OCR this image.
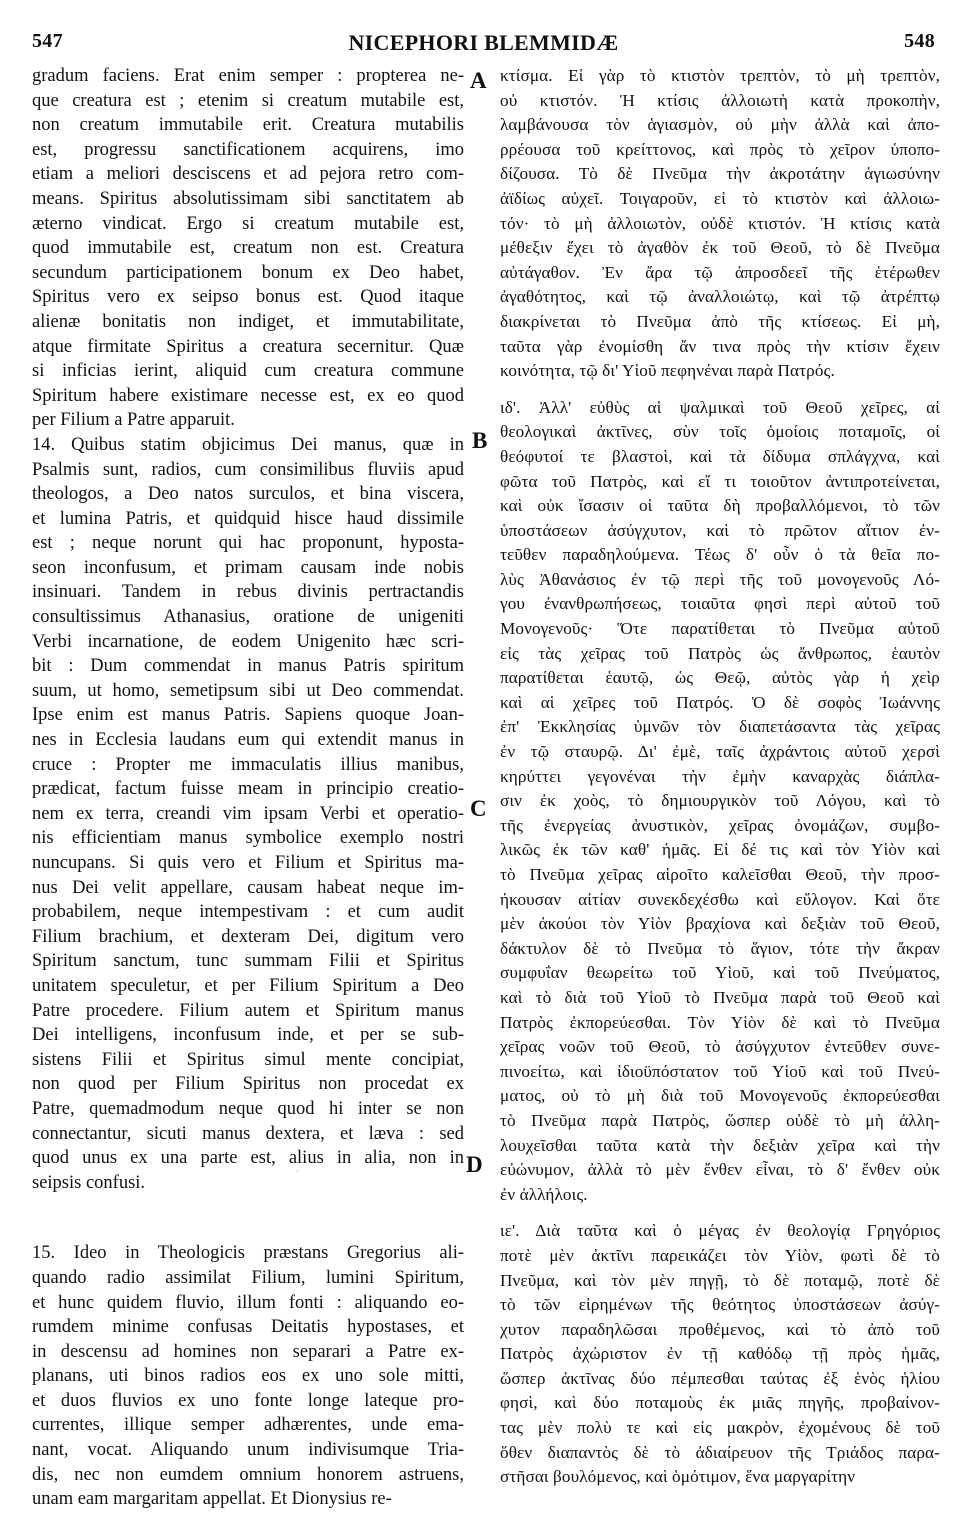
547	NICEPHORI BLEMMIDÆ	548
gradum faciens. Erat enim semper : propterea ne-
que creatura est ; etenim si creatum mutabile est,
non creatum immutabile erit. Creatura mutabilis
est, progressu sanctificationem acquirens, imo
etiam a meliori desciscens et ad pejora retro com-
means. Spiritus absolutissimam sibi sanctitatem ab
æterno vindicat. Ergo si creatum mutabile est,
quod immutabile est, creatum non est. Creatura
secundum participationem bonum ex Deo habet,
Spiritus vero ex seipso bonus est. Quod itaque
alienæ bonitatis non indiget, et immutabilitate,
atque firmitate Spiritus a creatura secernitur. Quæ
si inficias ierint, aliquid cum creatura commune
Spiritum habere existimare necesse est, ex eo quod
per Filium a Patre apparuit.
14. Quibus statim objicimus Dei manus, quæ in
Psalmis sunt, radios, cum consimilibus fluviis apud
theologos, a Deo natos surculos, et bina viscera,
et lumina Patris, et quidquid hisce haud dissimile
est ; neque norunt qui hac proponunt, hyposta-
seon inconfusum, et primam causam inde nobis
insinuari. Tandem in rebus divinis pertractandis
consultissimus Athanasius, oratione de unigeniti
Verbi incarnatione, de eodem Unigenito hæc scri-
bit : Dum commendat in manus Patris spiritum
suum, ut homo, semetipsum sibi ut Deo commendat.
Ipse enim est manus Patris. Sapiens quoque Joan-
nes in Ecclesia laudans eum qui extendit manus in
cruce : Propter me immaculatis illius manibus,
prædicat, factum fuisse meam in principio creatio-
nem ex terra, creandi vim ipsam Verbi et operatio-
nis efficientiam manus symbolice exemplo nostri
nuncupans. Si quis vero et Filium et Spiritus ma-
nus Dei velit appellare, causam habeat neque im-
probabilem, neque intempestivam : et cum audit
Filium brachium, et dexteram Dei, digitum vero
Spiritum sanctum, tunc summam Filii et Spiritus
unitatem speculetur, et per Filium Spiritum a Deo
Patre procedere. Filium autem et Spiritum manus
Dei intelligens, inconfusum inde, et per se sub-
sistens Filii et Spiritus simul mente concipiat,
non quod per Filium Spiritus non procedat ex
Patre, quemadmodum neque quod hi inter se non
connectantur, sicuti manus dextera, et læva : sed
quod unus ex una parte est, alius in alia, non in
seipsis confusi.
15. Ideo in Theologicis præstans Gregorius ali-
quando radio assimilat Filium, lumini Spiritum,
et hunc quidem fluvio, illum fonti : aliquando eo-
rumdem minime confusas Deitatis hypostases, et
in descensu ad homines non separari a Patre ex-
planans, uti binos radios eos ex uno sole mitti,
et duos fluvios ex uno fonte longe lateque pro-
currentes, illique semper adhærentes, unde ema-
nant, vocat. Aliquando unum indivisumque Tria-
dis, nec non eumdem omnium honorem astruens,
unam eam margaritam appellat. Et Dionysius re-
κτίσμα. Εἰ γὰρ τὸ κτιστὸν τρεπτὸν, τὸ μὴ τρεπτὸν,
οὐ κτιστόν. Ἡ κτίσις ἀλλοιωτὴ κατὰ προκοπὴν,
λαμβάνουσα τὸν ἁγιασμὸν, οὐ μὴν ἀλλὰ καὶ ἀπο-
ρρέουσα τοῦ κρείττονος, καὶ πρὸς τὸ χεῖρον ὑποπο-
δίζουσα. Τὸ δὲ Πνεῦμα τὴν ἀκροτάτην ἁγιωσύνην
ἀϊδίως αὐχεῖ. Τοιγαροῦν, εἰ τὸ κτιστὸν καὶ ἀλλοιω-
τόν· τὸ μὴ ἀλλοιωτὸν, οὐδὲ κτιστόν. Ἡ κτίσις κατὰ
μέθεξιν ἔχει τὸ ἀγαθὸν ἐκ τοῦ Θεοῦ, τὸ δὲ Πνεῦμα
αὐτάγαθον. Ἐν ἄρα τῷ ἀπροσδεεῖ τῆς ἑτέρωθεν
ἀγαθότητος, καὶ τῷ ἀναλλοιώτῳ, καὶ τῷ ἀτρέπτῳ
διακρίνεται τὸ Πνεῦμα ἀπὸ τῆς κτίσεως. Εἰ μὴ,
ταῦτα γὰρ ἐνομίσθη ἄν τινα πρὸς τὴν κτίσιν ἔχειν
κοινότητα, τῷ δι' Υἱοῦ πεφηνέναι παρὰ Πατρός.
ιδ'. Ἀλλ' εὐθὺς αἱ ψαλμικαὶ τοῦ Θεοῦ χεῖρες, αἱ
θεολογικαὶ ἀκτῖνες, σὺν τοῖς ὁμοίοις ποταμοῖς, οἱ
θεόφυτοί τε βλαστοὶ, καὶ τὰ δίδυμα σπλάγχνα, καὶ
φῶτα τοῦ Πατρὸς, καὶ εἴ τι τοιοῦτον ἀντιπροτείνεται,
καὶ οὐκ ἴσασιν οἱ ταῦτα δὴ προβαλλόμενοι, τὸ τῶν
ὑποστάσεων ἀσύγχυτον, καὶ τὸ πρῶτον αἴτιον ἐν-
τεῦθεν παραδηλούμενα. Τέως δ' οὖν ὁ τὰ θεῖα πο-
λὺς Ἀθανάσιος ἐν τῷ περὶ τῆς τοῦ μονογενοῦς Λό-
γου ἐνανθρωπήσεως, τοιαῦτα φησὶ περὶ αὐτοῦ τοῦ
Μονογενοῦς· Ὅτε παρατίθεται τὸ Πνεῦμα αὐτοῦ
εἰς τὰς χεῖρας τοῦ Πατρὸς ὡς ἄνθρωπος, ἑαυτὸν
παρατίθεται ἑαυτῷ, ὡς Θεῷ, αὐτὸς γὰρ ἡ χεὶρ
καὶ αἱ χεῖρες τοῦ Πατρός. Ὁ δὲ σοφὸς Ἰωάννης
ἐπ' Ἐκκλησίας ὑμνῶν τὸν διαπετάσαντα τὰς χεῖρας
ἐν τῷ σταυρῷ. Δι' ἐμὲ, ταῖς ἀχράντοις αὐτοῦ χερσὶ
κηρύττει γεγονέναι τὴν ἐμὴν καναρχὰς διάπλα-
σιν ἐκ χοὸς, τὸ δημιουργικὸν τοῦ Λόγου, καὶ τὸ
τῆς ἐνεργείας ἀνυστικὸν, χεῖρας ὀνομάζων, συμβο-
λικῶς ἐκ τῶν καθ' ἡμᾶς. Εἰ δέ τις καὶ τὸν Υἱὸν καὶ
τὸ Πνεῦμα χεῖρας αἱροῖτο καλεῖσθαι Θεοῦ, τὴν προσ-
ήκουσαν αἰτίαν συνεκδεχέσθω καὶ εὔλογον. Καὶ ὅτε
μὲν ἀκούοι τὸν Υἱὸν βραχίονα καὶ δεξιὰν τοῦ Θεοῦ,
δάκτυλον δὲ τὸ Πνεῦμα τὸ ἅγιον, τότε τὴν ἄκραν
συμφυΐαν θεωρείτω τοῦ Υἱοῦ, καὶ τοῦ Πνεύματος,
καὶ τὸ διὰ τοῦ Υἱοῦ τὸ Πνεῦμα παρὰ τοῦ Θεοῦ καὶ
Πατρὸς ἐκπορεύεσθαι. Τὸν Υἱὸν δὲ καὶ τὸ Πνεῦμα
χεῖρας νοῶν τοῦ Θεοῦ, τὸ ἀσύγχυτον ἐντεῦθεν συνε-
πινοείτω, καὶ ἰδιοϋπόστατον τοῦ Υἱοῦ καὶ τοῦ Πνεύ-
ματος, οὐ τὸ μὴ διὰ τοῦ Μονογενοῦς ἐκπορεύεσθαι
τὸ Πνεῦμα παρὰ Πατρὸς, ὥσπερ οὐδὲ τὸ μὴ ἀλλη-
λουχεῖσθαι ταῦτα κατὰ τὴν δεξιὰν χεῖρα καὶ τὴν
εὐώνυμον, ἀλλὰ τὸ μὲν ἔνθεν εἶναι, τὸ δ' ἔνθεν οὐκ
ἐν ἀλλήλοις.
ιε'. Διὰ ταῦτα καὶ ὁ μέγας ἐν θεολογίᾳ Γρηγόριος
ποτὲ μὲν ἀκτῖνι παρεικάζει τὸν Υἱὸν, φωτὶ δὲ τὸ
Πνεῦμα, καὶ τὸν μὲν πηγῇ, τὸ δὲ ποταμῷ, ποτὲ δὲ
τὸ τῶν εἰρημένων τῆς θεότητος ὑποστάσεων ἀσύγ-
χυτον παραδηλῶσαι προθέμενος, καὶ τὸ ἀπὸ τοῦ
Πατρὸς ἀχώριστον ἐν τῇ καθόδῳ τῇ πρὸς ἡμᾶς,
ὥσπερ ἀκτῖνας δύο πέμπεσθαι ταύτας ἐξ ἑνὸς ἡλίου
φησὶ, καὶ δύο ποταμοὺς ἐκ μιᾶς πηγῆς, προβαίνον-
τας μὲν πολὺ τε καὶ εἰς μακρὸν, ἐχομένους δὲ τοῦ
ὅθεν διαπαντὸς δὲ τὸ ἀδιαίρευον τῆς Τριάδος παρα-
στῆσαι βουλόμενος, καὶ ὁμότιμον, ἕνα μαργαρίτην
A
B
C
D
·
